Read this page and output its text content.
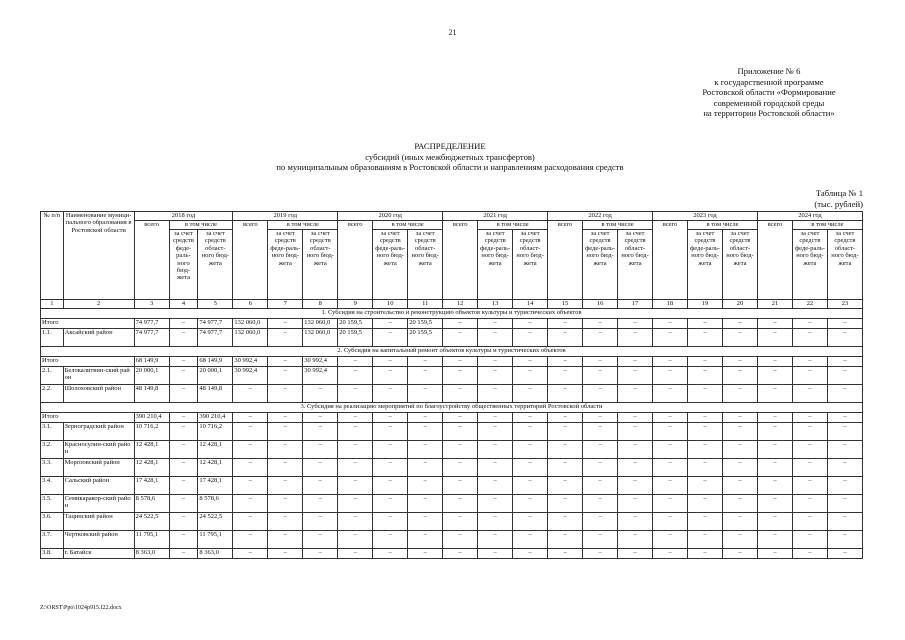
21
Приложение № 6
к государственной программе
Ростовской области «Формирование
современной городской среды
на территории Ростовской области»
РАСПРЕДЕЛЕНИЕ
субсидий (иных межбюджетных трансфертов)
по муниципальным образованиям в Ростовской области и направлениям расходования средств
Таблица № 1
(тыс. рублей)
№ п/п	Наименование муници-пального образования в Ростовской области	2018 год			2019 год			2020 год			2021 год			2022 год			2023 год			2024 год		
		всего	в том числе		всего	в том числе		всего	в том числе		всего	в том числе		всего	в том числе		всего	в том числе		всего	в том числе	
			за счет средств феде-раль-ного бюд-жета	за счет средств област-ного бюд-жета		за счет средств феде-раль-ного бюд-жета	за счет средств област-ного бюд-жета		за счет средств феде-раль-ного бюд-жета	за счет средств област-ного бюд-жета		за счет средств феде-раль-ного бюд-жета	за счет средств област-ного бюд-жета		за счет средств феде-раль-ного бюд-жета	за счет средств област-ного бюд-жета		за счет средств феде-раль-ного бюд-жета	за счет средств област-ного бюд-жета		за счет средств феде-раль-ного бюд-жета	за счет средств област-ного бюд-жета
1	2	3	4	5	6	7	8	9	10	11	12	13	14	15	16	17	18	19	20	21	22	23
1. Субсидия на строительство и реконструкцию объектов культуры и туристических объектов																						
Итого		74 977,7	–	74 977,7	132 060,0	–	132 060,0	20 159,5	–	20 159,5	–	–	–	–	–	–	–	–	–	–	–	–
1.1.	Аксайский район	74 977,7	–	74 977,7	132 060,0	–	132 060,0	20 159,5	–	20 159,5	–	–	–	–	–	–	–	–	–	–	–	–
2. Субсидия на капитальный ремонт объектов культуры и туристических объектов																						
Итого		68 149,9	–	68 149,9	30 992,4	–	30 992,4	–	–	–	–	–	–	–	–	–	–	–	–	–	–	–
2.1.	Белокалитвин-ский район	20 000,1	–	20 000,1	30 992,4	–	30 992,4	–	–	–	–	–	–	–	–	–	–	–	–	–	–	–
2.2.	Шолоховский район	48 149,8	–	48 149,8	–	–	–	–	–	–	–	–	–	–	–	–	–	–	–	–	–	–
3. Субсидия на реализацию мероприятий по благоустройству общественных территорий Ростовской области																						
Итого		390 210,4	–	390 210,4	–	–	–	–	–	–	–	–	–	–	–	–	–	–	–	–	–	–
3.1.	Зерноградский район	10 716,2	–	10 716,2	–	–	–	–	–	–	–	–	–	–	–	–	–	–	–	–	–	–
3.2.	Красносулин-ский район	12 428,1	–	12 428,1	–	–	–	–	–	–	–	–	–	–	–	–	–	–	–	–	–	–
3.3.	Морозовский район	12 428,1	–	12 428,1	–	–	–	–	–	–	–	–	–	–	–	–	–	–	–	–	–	–
3.4.	Сальский район	17 428,1	–	17 428,1	–	–	–	–	–	–	–	–	–	–	–	–	–	–	–	–	–	–
3.5.	Семикаракор-ский район	8 578,6	–	8 578,6	–	–	–	–	–	–	–	–	–	–	–	–	–	–	–	–	–	–
3.6.	Тацинский район	24 522,5	–	24 522,5	–	–	–	–	–	–	–	–	–	–	–	–	–	–	–	–	–	–
3.7.	Чертковский район	11 795,1	–	11 795,1	–	–	–	–	–	–	–	–	–	–	–	–	–	–	–	–	–	–
3.8.	г. Батайск	8 363,0	–	8 363,0	–	–	–	–	–	–	–	–	–	–	–	–	–	–	–	–	–	–
Z:\ORST\Ppo\1024p915.f22.docx
